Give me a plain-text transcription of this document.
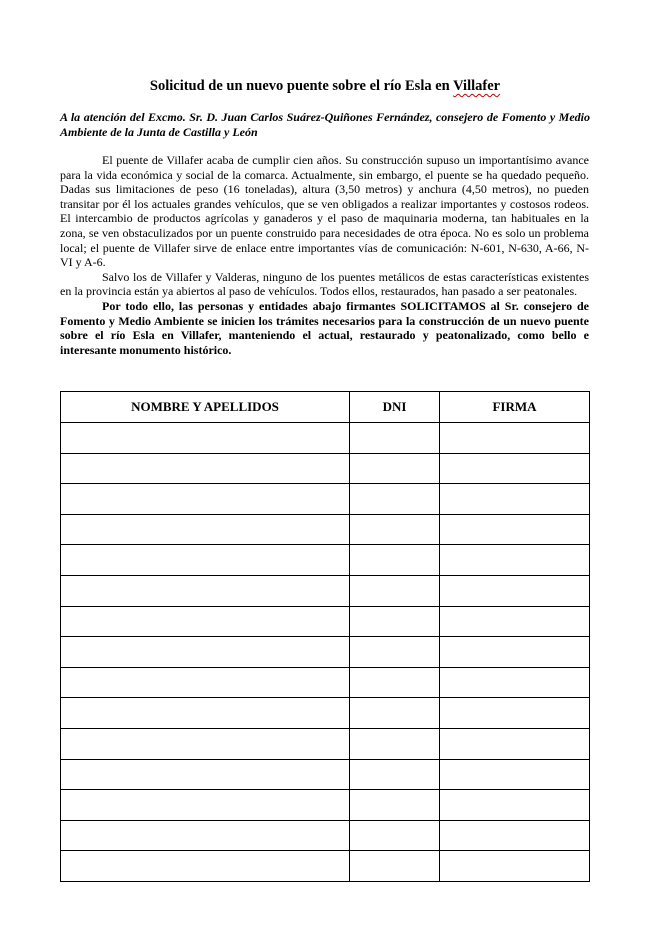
Solicitud de un nuevo puente sobre el río Esla en Villafer
A la atención del Excmo. Sr. D. Juan Carlos Suárez-Quiñones Fernández, consejero de Fomento y Medio Ambiente de la Junta de Castilla y León

El puente de Villafer acaba de cumplir cien años. Su construcción supuso un importantísimo avance para la vida económica y social de la comarca. Actualmente, sin embargo, el puente se ha quedado pequeño. Dadas sus limitaciones de peso (16 toneladas), altura (3,50 metros) y anchura (4,50 metros), no pueden transitar por él los actuales grandes vehículos, que se ven obligados a realizar importantes y costosos rodeos. El intercambio de productos agrícolas y ganaderos y el paso de maquinaria moderna, tan habituales en la zona, se ven obstaculizados por un puente construido para necesidades de otra época. No es solo un problema local; el puente de Villafer sirve de enlace entre importantes vías de comunicación: N-601, N-630, A-66, N-VI y A-6.

Salvo los de Villafer y Valderas, ninguno de los puentes metálicos de estas características existentes en la provincia están ya abiertos al paso de vehículos. Todos ellos, restaurados, han pasado a ser peatonales.

Por todo ello, las personas y entidades abajo firmantes SOLICITAMOS al Sr. consejero de Fomento y Medio Ambiente se inicien los trámites necesarios para la construcción de un nuevo puente sobre el río Esla en Villafer, manteniendo el actual, restaurado y peatonalizado, como bello e interesante monumento histórico.

NOMBRE Y APELLIDOS	DNI	FIRMA
